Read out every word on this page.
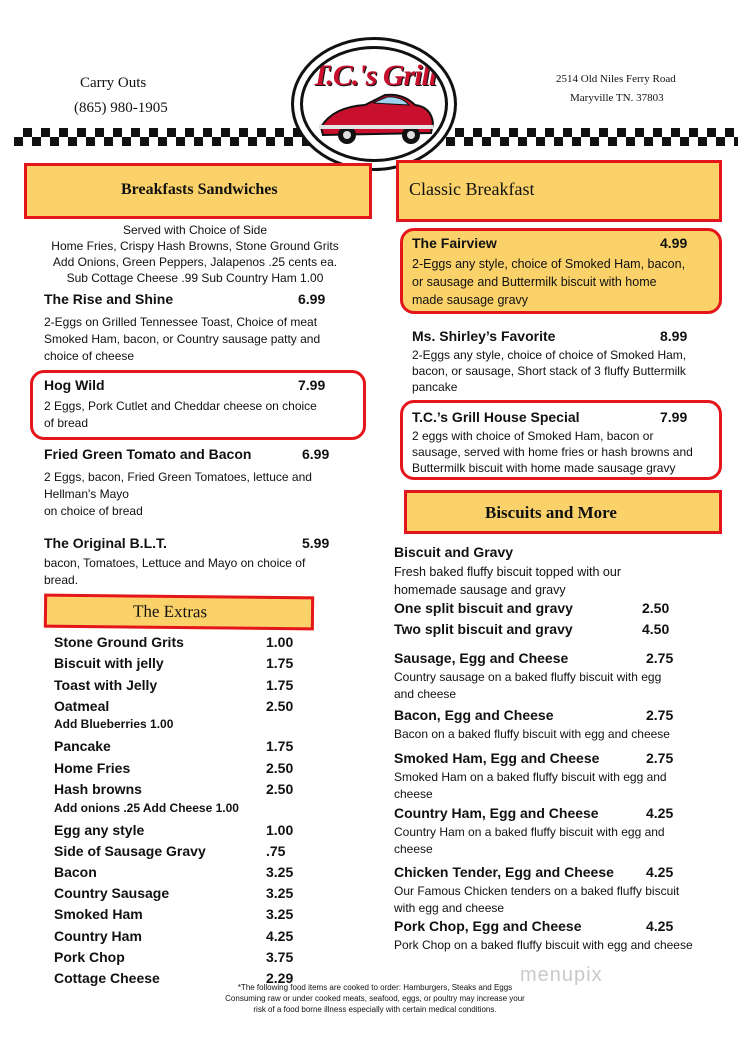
Carry Outs
(865) 980-1905
2514 Old Niles Ferry Road
Maryville TN. 37803
T.C.'s Grill
Breakfasts Sandwiches
Served with Choice of Side
Home Fries, Crispy Hash Browns, Stone Ground Grits
Add Onions, Green Peppers, Jalapenos .25 cents ea.
Sub Cottage Cheese .99 Sub Country Ham 1.00
The Rise and Shine	6.99
2-Eggs on Grilled Tennessee Toast, Choice of meat
Smoked Ham, bacon, or Country sausage patty and
choice of cheese
Hog Wild	7.99
2 Eggs, Pork Cutlet and Cheddar cheese on choice
of bread
Fried Green Tomato and Bacon	6.99
2 Eggs, bacon, Fried Green Tomatoes, lettuce and
Hellman's Mayo
on choice of bread
The Original B.L.T.	5.99
bacon, Tomatoes, Lettuce and Mayo on choice of
bread.
The Extras
Stone Ground Grits	1.00
Biscuit with jelly	1.75
Toast with Jelly	1.75
Oatmeal	2.50
Add Blueberries 1.00
Pancake	1.75
Home Fries	2.50
Hash browns	2.50
Add onions .25 Add Cheese 1.00
Egg any style	1.00
Side of Sausage Gravy	.75
Bacon	3.25
Country Sausage	3.25
Smoked Ham	3.25
Country Ham	4.25
Pork Chop	3.75
Cottage Cheese	2.29
Classic Breakfast
The Fairview	4.99
2-Eggs any style, choice of Smoked Ham, bacon,
or sausage and Buttermilk biscuit with home
made sausage gravy
Ms. Shirley’s Favorite	8.99
2-Eggs any style, choice of choice of Smoked Ham,
bacon, or sausage, Short stack of 3 fluffy Buttermilk
pancake
T.C.’s Grill House Special	7.99
2 eggs with choice of Smoked Ham, bacon or
sausage, served with home fries or hash browns and
Buttermilk biscuit with home made sausage gravy
Biscuits and More
Biscuit and Gravy
Fresh baked fluffy biscuit topped with our
homemade sausage and gravy
One split biscuit and gravy	2.50
Two split biscuit and gravy	4.50
Sausage, Egg and Cheese	2.75
Country sausage on a baked fluffy biscuit with egg
and cheese
Bacon, Egg and Cheese	2.75
Bacon on a baked fluffy biscuit with egg and cheese
Smoked Ham, Egg and Cheese	2.75
Smoked Ham on a baked fluffy biscuit with egg and
cheese
Country Ham, Egg and Cheese	4.25
Country Ham on a baked fluffy biscuit with egg and
cheese
Chicken Tender, Egg and Cheese 4.25
Our Famous Chicken tenders on a baked fluffy biscuit
with egg and cheese
Pork Chop, Egg and Cheese	4.25
Pork Chop on a baked fluffy biscuit with egg and cheese
*The following food items are cooked to order: Hamburgers, Steaks and Eggs
Consuming raw or under cooked meats, seafood, eggs, or poultry may increase your
risk of a food borne illness especially with certain medical conditions.
menupix
